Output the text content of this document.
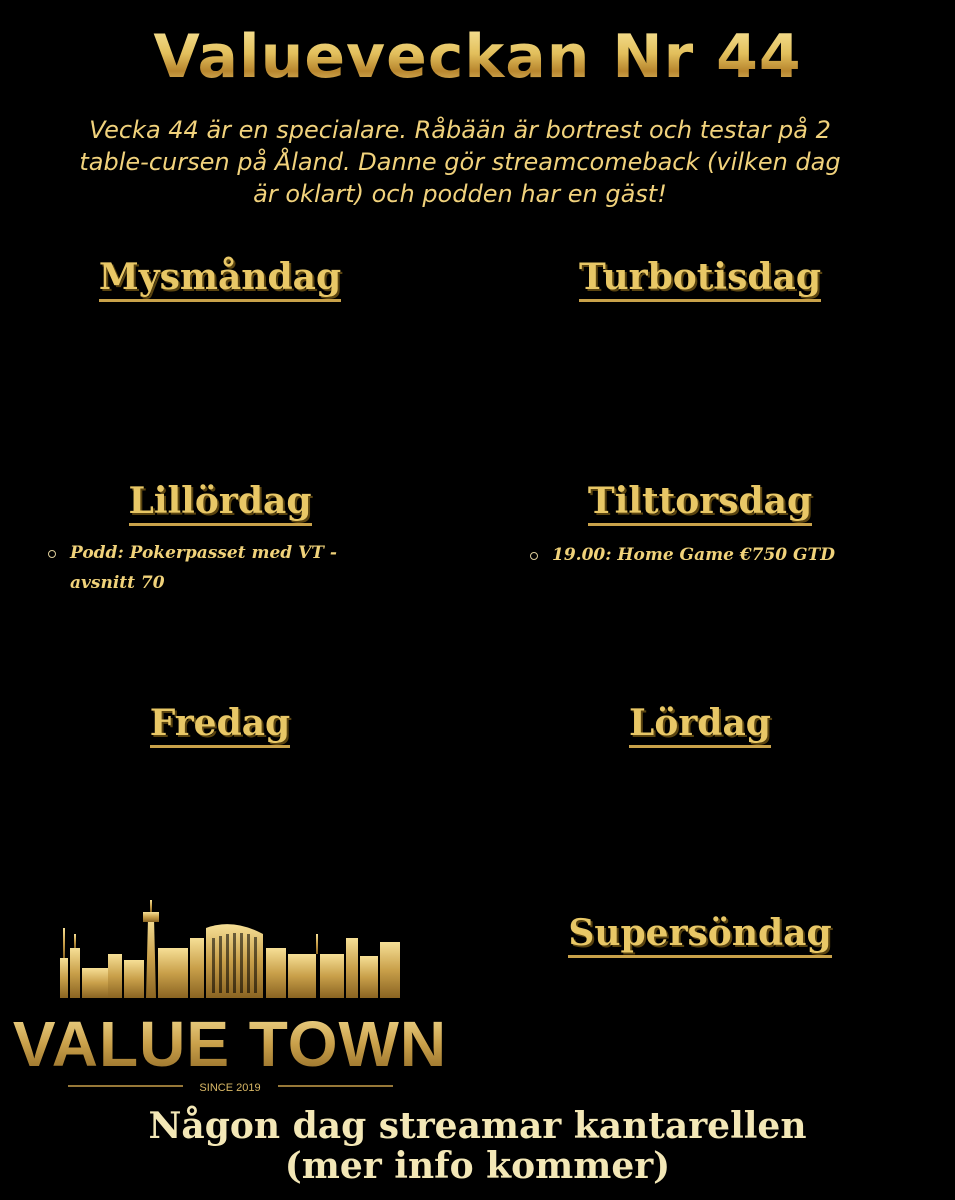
Valueveckan Nr 44
Vecka 44 är en specialare. Råbään är bortrest och testar på 2 table-cursen på Åland. Danne gör streamcomeback (vilken dag är oklart) och podden har en gäst!
Mysmåndag	Turbotisdag
Lillördag	Tilttorsdag
Podd: Pokerpasset med VT - avsnitt 70
19.00: Home Game €750 GTD
Fredag	Lördag
Supersöndag
VALUE TOWN
SINCE 2019
Någon dag streamar kantarellen
(mer info kommer)
